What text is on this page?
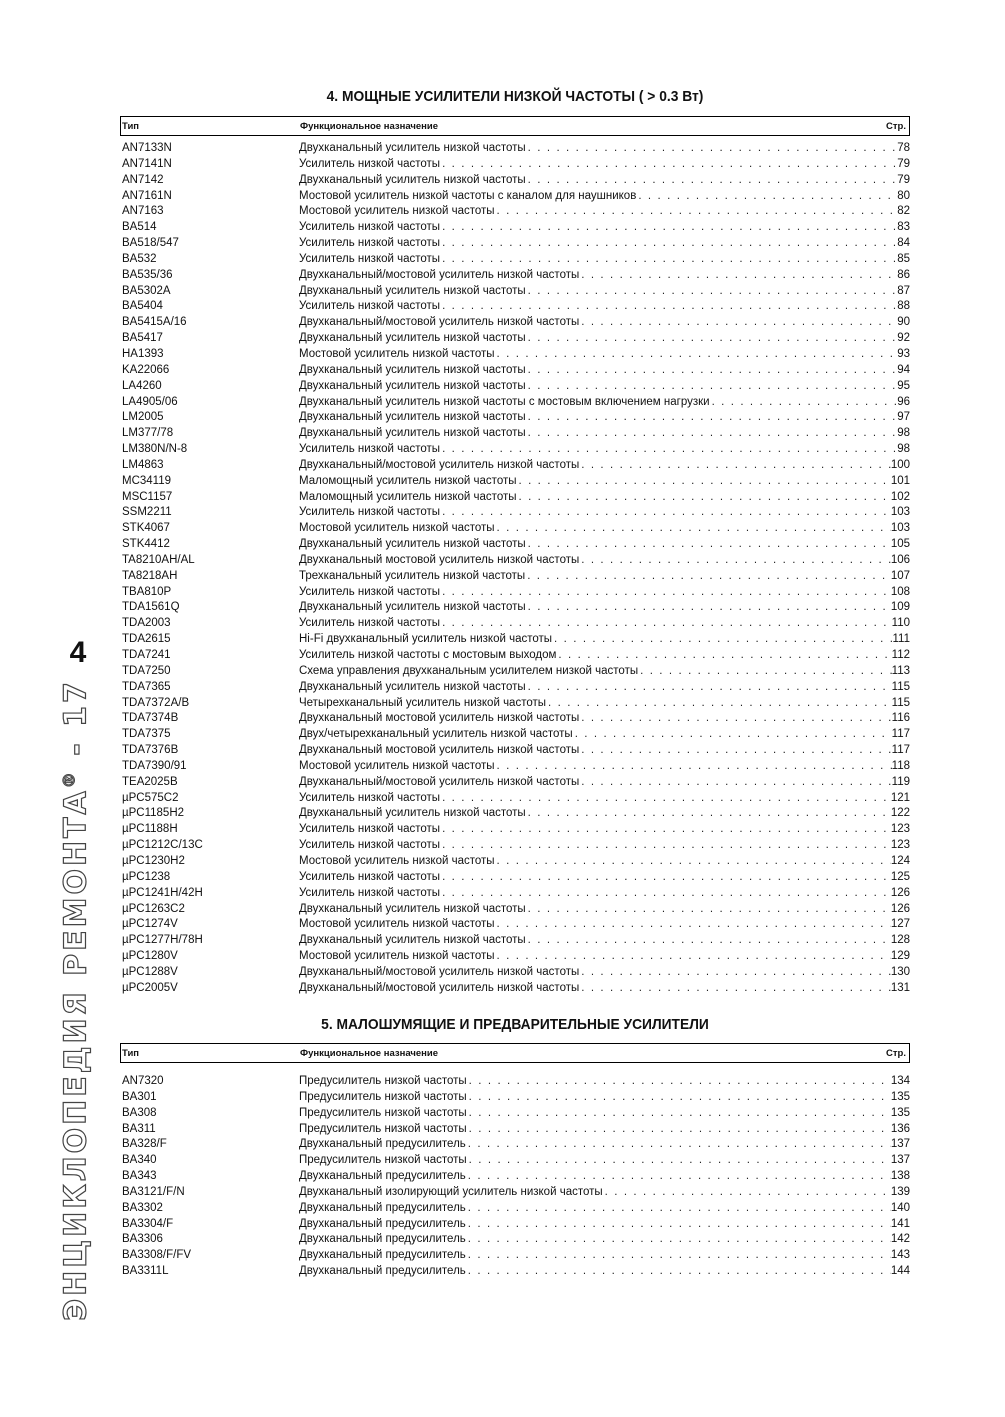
ЭНЦИКЛОПЕДИЯ РЕМОНТА® - 17
4
4. МОЩНЫЕ УСИЛИТЕЛИ НИЗКОЙ ЧАСТОТЫ ( > 0.3 Вт)
Тип	Функциональное назначение	Стр.
AN7133N	Двухканальный усилитель низкой частоты . . .	78
AN7141N	Усилитель низкой частоты . . .	79
AN7142	Двухканальный усилитель низкой частоты . . .	79
AN7161N	Мостовой усилитель низкой частоты с каналом для наушников . . .	80
AN7163	Мостовой усилитель низкой частоты . . .	82
BA514	Усилитель низкой частоты . . .	83
BA518/547	Усилитель низкой частоты . . .	84
BA532	Усилитель низкой частоты . . .	85
BA535/36	Двухканальный/мостовой усилитель низкой частоты . . .	86
BA5302A	Двухканальный усилитель низкой частоты . . .	87
BA5404	Усилитель низкой частоты . . .	88
BA5415A/16	Двухканальный/мостовой усилитель низкой частоты . . .	90
BA5417	Двухканальный усилитель низкой частоты . . .	92
HA1393	Мостовой усилитель низкой частоты . . .	93
KA22066	Двухканальный усилитель низкой частоты . . .	94
LA4260	Двухканальный усилитель низкой частоты . . .	95
LA4905/06	Двухканальный усилитель низкой частоты с мостовым включением нагрузки . . .	96
LM2005	Двухканальный усилитель низкой частоты . . .	97
LM377/78	Двухканальный усилитель низкой частоты . . .	98
LM380N/N-8	Усилитель низкой частоты . . .	98
LM4863	Двухканальный/мостовой усилитель низкой частоты . . .	100
MC34119	Маломощный усилитель низкой частоты . . .	101
MSC1157	Маломощный усилитель низкой частоты . . .	102
SSM2211	Усилитель низкой частоты . . .	103
STK4067	Мостовой усилитель низкой частоты . . .	103
STK4412	Двухканальный усилитель низкой частоты . . .	105
TA8210AH/AL	Двухканальный мостовой усилитель низкой частоты . . .	106
TA8218AH	Трехканальный усилитель низкой частоты . . .	107
TBA810P	Усилитель низкой частоты . . .	108
TDA1561Q	Двухканальный усилитель низкой частоты . . .	109
TDA2003	Усилитель низкой частоты . . .	110
TDA2615	Hi-Fi двухканальный усилитель низкой частоты . . .	111
TDA7241	Усилитель низкой частоты с мостовым выходом . . .	112
TDA7250	Схема управления двухканальным усилителем низкой частоты . . .	113
TDA7365	Двухканальный усилитель низкой частоты . . .	115
TDA7372A/B	Четырехканальный усилитель низкой частоты . . .	115
TDA7374B	Двухканальный мостовой усилитель низкой частоты . . .	116
TDA7375	Двух/четырехканальный усилитель низкой частоты . . .	117
TDA7376B	Двухканальный мостовой усилитель низкой частоты . . .	117
TDA7390/91	Мостовой усилитель низкой частоты . . .	118
TEA2025B	Двухканальный/мостовой усилитель низкой частоты . . .	119
µPC575C2	Усилитель низкой частоты . . .	121
µPC1185H2	Двухканальный усилитель низкой частоты . . .	122
µPC1188H	Усилитель низкой частоты . . .	123
µPC1212C/13C	Усилитель низкой частоты . . .	123
µPC1230H2	Мостовой усилитель низкой частоты . . .	124
µPC1238	Усилитель низкой частоты . . .	125
µPC1241H/42H	Усилитель низкой частоты . . .	126
µPC1263C2	Двухканальный усилитель низкой частоты . . .	126
µPC1274V	Мостовой усилитель низкой частоты . . .	127
µPC1277H/78H	Двухканальный усилитель низкой частоты . . .	128
µPC1280V	Мостовой усилитель низкой частоты . . .	129
µPC1288V	Двухканальный/мостовой усилитель низкой частоты . . .	130
µPC2005V	Двухканальный/мостовой усилитель низкой частоты . . .	131
5. МАЛОШУМЯЩИЕ И ПРЕДВАРИТЕЛЬНЫЕ УСИЛИТЕЛИ
Тип	Функциональное назначение	Стр.
AN7320	Предусилитель низкой частоты . . .	134
BA301	Предусилитель низкой частоты . . .	135
BA308	Предусилитель низкой частоты . . .	135
BA311	Предусилитель низкой частоты . . .	136
BA328/F	Двухканальный предусилитель . . .	137
BA340	Предусилитель низкой частоты . . .	137
BA343	Двухканальный предусилитель . . .	138
BA3121/F/N	Двухканальный изолирующий усилитель низкой частоты . . .	139
BA3302	Двухканальный предусилитель . . .	140
BA3304/F	Двухканальный предусилитель . . .	141
BA3306	Двухканальный предусилитель . . .	142
BA3308/F/FV	Двухканальный предусилитель . . .	143
BA3311L	Двухканальный предусилитель . . .	144
